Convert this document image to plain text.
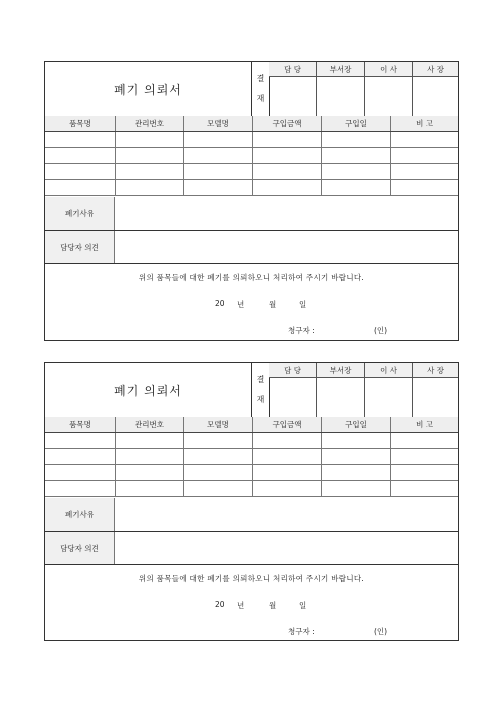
폐기 의뢰서
결
재
담 당	부서장	이 사	사 장
품목명	관리번호	모델명	구입금액	구입일	비 고
폐기사유
담당자 의견
위의 품목들에 대한 폐기를 의뢰하오니 처리하여 주시기 바랍니다.
20 년	월	일
청구자 :	(인)
폐기 의뢰서
결
재
담 당	부서장	이 사	사 장
품목명	관리번호	모델명	구입금액	구입일	비 고
폐기사유
담당자 의견
위의 품목들에 대한 폐기를 의뢰하오니 처리하여 주시기 바랍니다.
20 년	월	일
청구자 :	(인)
